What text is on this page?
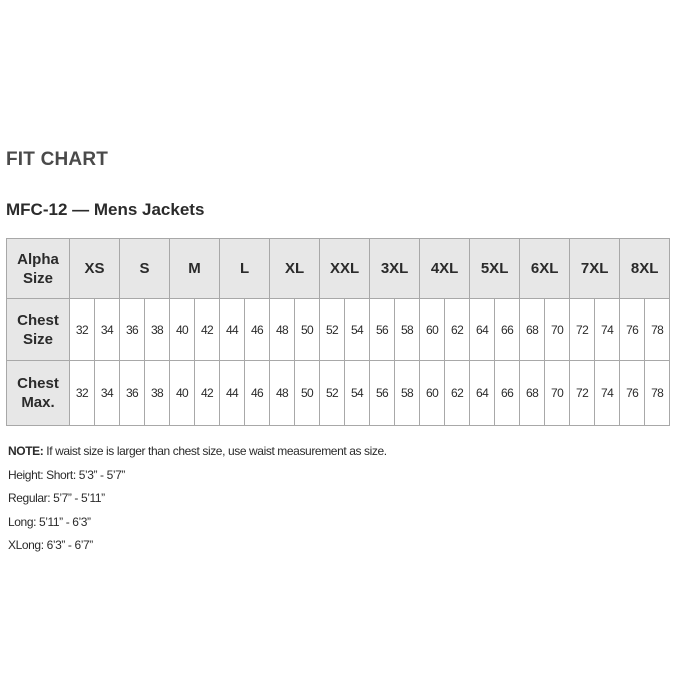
FIT CHART
MFC-12 — Mens Jackets
Alpha
Size	XS		S		M		L		XL		XXL		3XL		4XL		5XL		6XL		7XL		8XL	
Chest
Size	32	34	36	38	40	42	44	46	48	50	52	54	56	58	60	62	64	66	68	70	72	74	76	78
Chest
Max.	32	34	36	38	40	42	44	46	48	50	52	54	56	58	60	62	64	66	68	70	72	74	76	78
NOTE: If waist size is larger than chest size, use waist measurement as size.
Height: Short: 5’3” - 5’7”
Regular: 5’7” - 5’11”
Long: 5’11” - 6’3”
XLong: 6’3” - 6’7”
